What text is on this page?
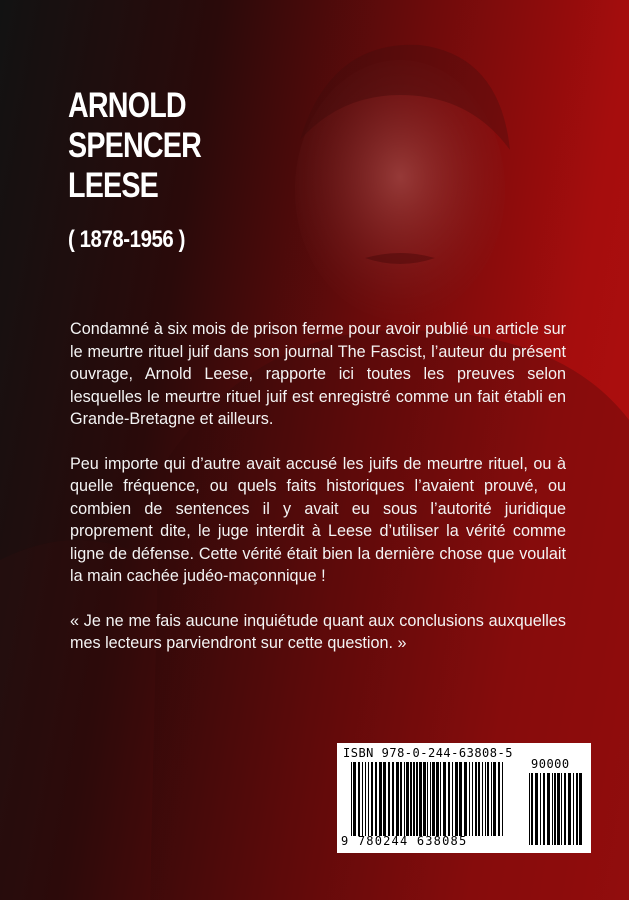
ARNOLD
SPENCER
LEESE
( 1878-1956 )

Condamné à six mois de prison ferme pour avoir publié un article sur le meurtre rituel juif dans son journal The Fascist, l’auteur du présent ouvrage, Arnold Leese, rapporte ici toutes les preuves selon lesquelles le meurtre rituel juif est enregistré comme un fait établi en Grande-Bretagne et ailleurs.

Peu importe qui d’autre avait accusé les juifs de meurtre rituel, ou à quelle fréquence, ou quels faits historiques l’avaient prouvé, ou combien de sentences il y avait eu sous l’autorité juridique proprement dite, le juge interdit à Leese d’utiliser la vérité comme ligne de défense. Cette vérité était bien la dernière chose que voulait la main cachée judéo-maçonnique !

« Je ne me fais aucune inquiétude quant aux conclusions auxquelles mes lecteurs parviendront sur cette question. »

ISBN 978-0-244-63808-5
90000
9 780244 638085
